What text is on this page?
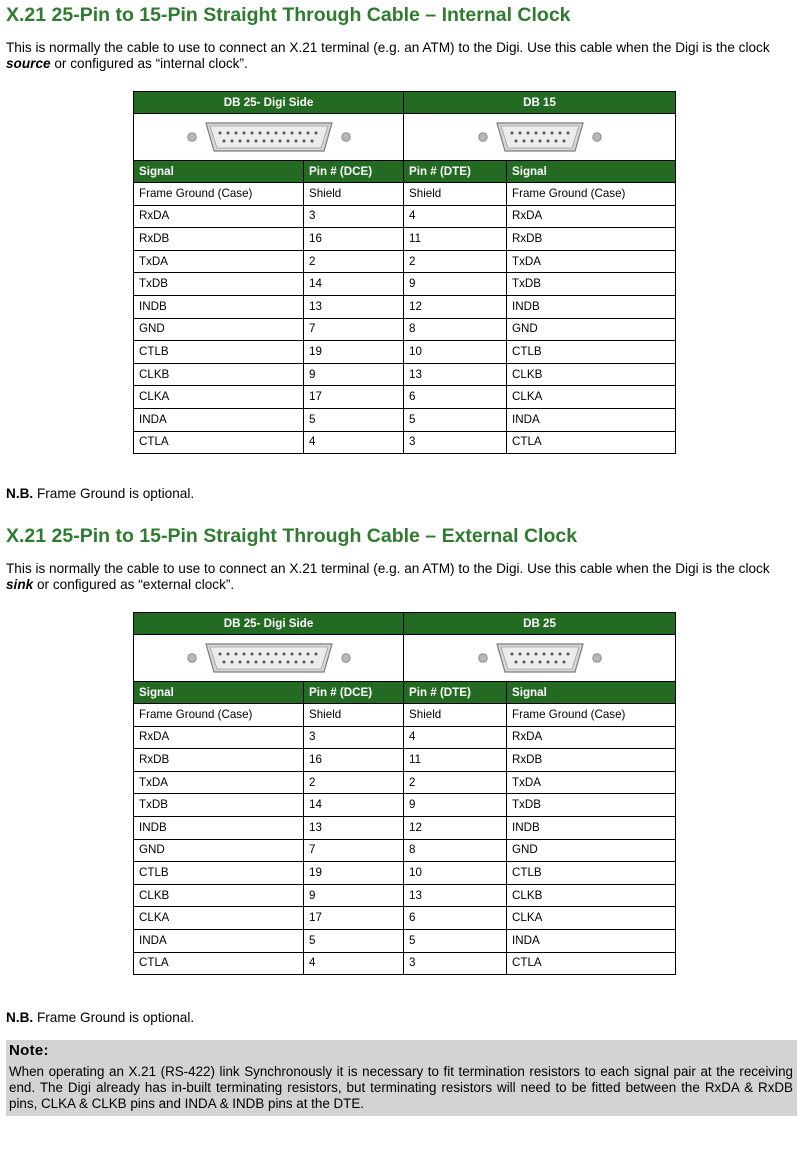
X.21 25-Pin to 15-Pin Straight Through Cable – Internal Clock

This is normally the cable to use to connect an X.21 terminal (e.g. an ATM) to the Digi. Use this cable when the Digi is the clock source or configured as “internal clock”.

DB 25- Digi Side		DB 15	

Signal	Pin # (DCE)	Pin # (DTE)	Signal
Frame Ground (Case)	Shield	Shield	Frame Ground (Case)
RxDA	3	4	RxDA
RxDB	16	11	RxDB
TxDA	2	2	TxDA
TxDB	14	9	TxDB
INDB	13	12	INDB
GND	7	8	GND
CTLB	19	10	CTLB
CLKB	9	13	CLKB
CLKA	17	6	CLKA
INDA	5	5	INDA
CTLA	4	3	CTLA

N.B. Frame Ground is optional.

X.21 25-Pin to 15-Pin Straight Through Cable – External Clock

This is normally the cable to use to connect an X.21 terminal (e.g. an ATM) to the Digi. Use this cable when the Digi is the clock sink or configured as “external clock”.

DB 25- Digi Side		DB 25	

Signal	Pin # (DCE)	Pin # (DTE)	Signal
Frame Ground (Case)	Shield	Shield	Frame Ground (Case)
RxDA	3	4	RxDA
RxDB	16	11	RxDB
TxDA	2	2	TxDA
TxDB	14	9	TxDB
INDB	13	12	INDB
GND	7	8	GND
CTLB	19	10	CTLB
CLKB	9	13	CLKB
CLKA	17	6	CLKA
INDA	5	5	INDA
CTLA	4	3	CTLA

N.B. Frame Ground is optional.

Note:
When operating an X.21 (RS-422) link Synchronously it is necessary to fit termination resistors to each signal pair at the receiving end. The Digi already has in-built terminating resistors, but terminating resistors will need to be fitted between the RxDA & RxDB pins, CLKA & CLKB pins and INDA & INDB pins at the DTE.
